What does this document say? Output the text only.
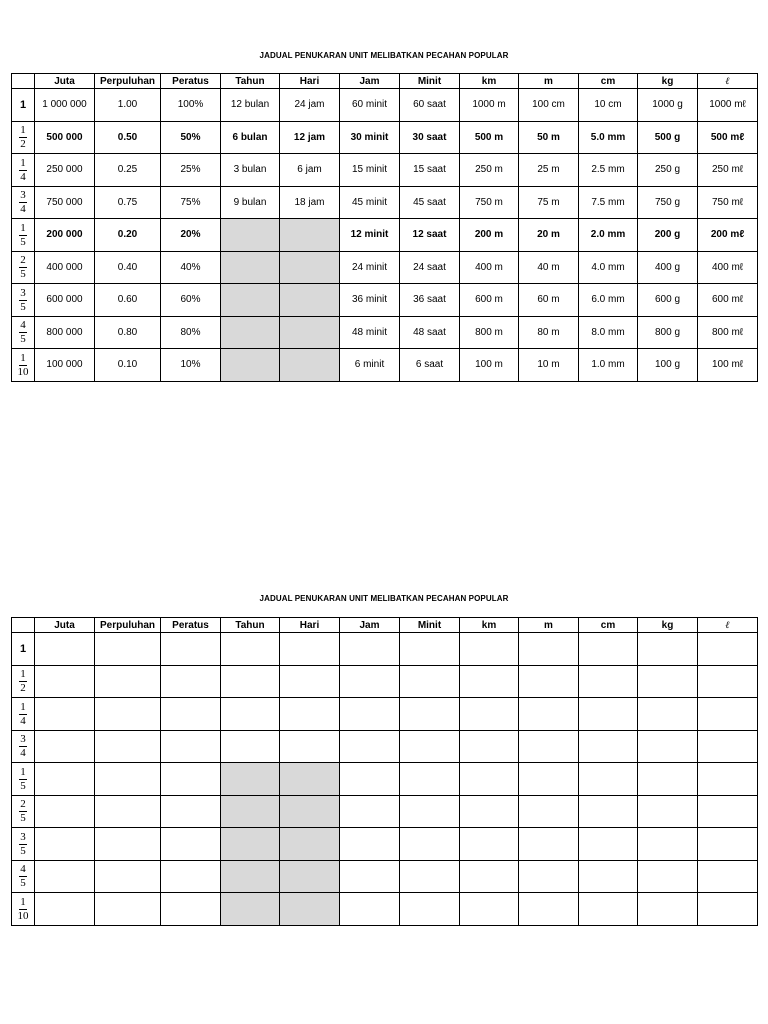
JADUAL PENUKARAN UNIT MELIBATKAN PECAHAN POPULAR
	Juta	Perpuluhan	Peratus	Tahun	Hari	Jam	Minit	km	m	cm	kg	ℓ
1	1 000 000	1.00	100%	12 bulan	24 jam	60 minit	60 saat	1000 m	100 cm	10 cm	1000 g	1000 mℓ

$\frac{1}{2}$	500 000	0.50	50%	6 bulan	12 jam	30 minit	30 saat	500 m	50 m	5.0 mm	500 g	500 mℓ

$\frac{1}{4}$	250 000	0.25	25%	3 bulan	6 jam	15 minit	15 saat	250 m	25 m	2.5 mm	250 g	250 mℓ

$\frac{3}{4}$	750 000	0.75	75%	9 bulan	18 jam	45 minit	45 saat	750 m	75 m	7.5 mm	750 g	750 mℓ

$\frac{1}{5}$	200 000	0.20	20%			12 minit	12 saat	200 m	20 m	2.0 mm	200 g	200 mℓ

$\frac{2}{5}$	400 000	0.40	40%			24 minit	24 saat	400 m	40 m	4.0 mm	400 g	400 mℓ

$\frac{3}{5}$	600 000	0.60	60%			36 minit	36 saat	600 m	60 m	6.0 mm	600 g	600 mℓ

$\frac{4}{5}$	800 000	0.80	80%			48 minit	48 saat	800 m	80 m	8.0 mm	800 g	800 mℓ

$\frac{1}{10}$	100 000	0.10	10%			6 minit	6 saat	100 m	10 m	1.0 mm	100 g	100 mℓ
JADUAL PENUKARAN UNIT MELIBATKAN PECAHAN POPULAR
	Juta	Perpuluhan	Peratus	Tahun	Hari	Jam	Minit	km	m	cm	kg	ℓ
1												

$\frac{1}{2}$

$\frac{1}{4}$

$\frac{3}{4}$

$\frac{1}{5}$

$\frac{2}{5}$

$\frac{3}{5}$

$\frac{4}{5}$

$\frac{1}{10}$
